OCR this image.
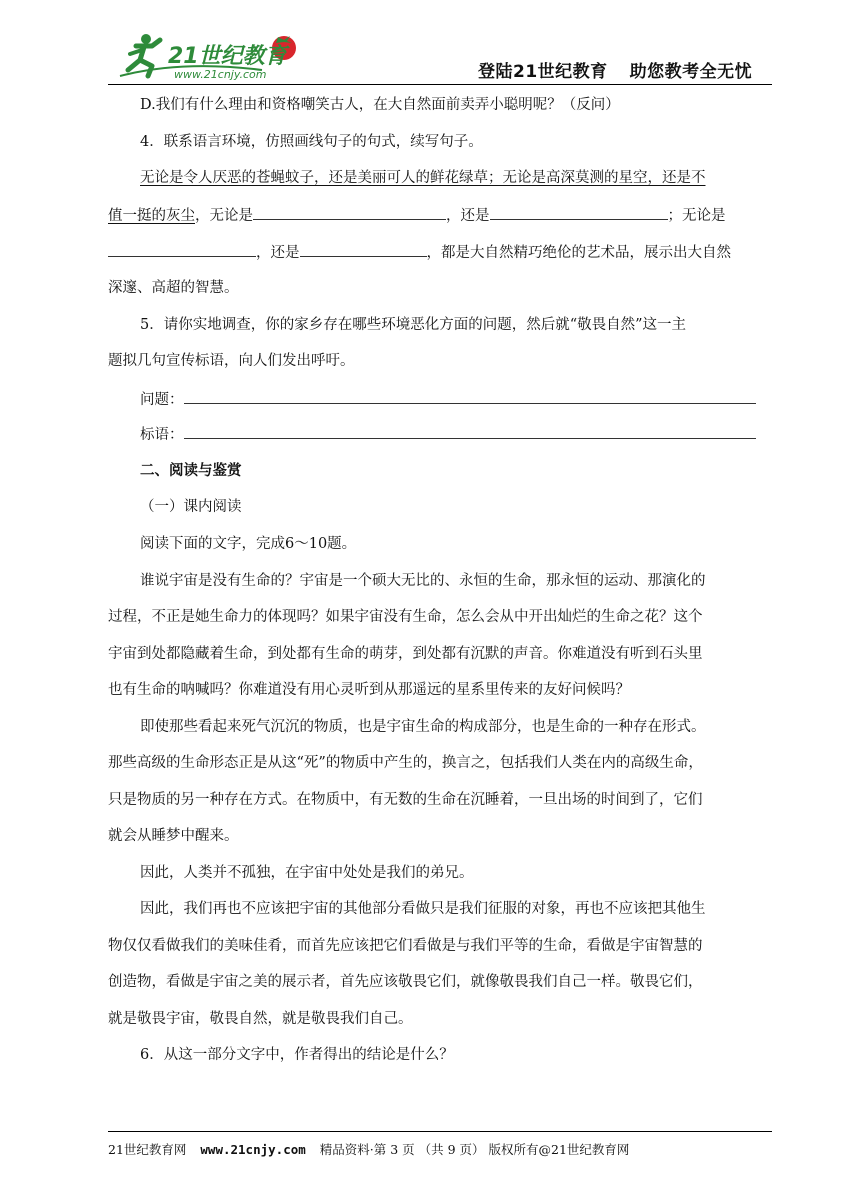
21世纪教育
www.21cnjy.com	登陆21世纪教育 助您教考全无忧
D.我们有什么理由和资格嘲笑古人，在大自然面前卖弄小聪明呢？（反问）
4．联系语言环境，仿照画线句子的句式，续写句子。
无论是令人厌恶的苍蝇蚊子，还是美丽可人的鲜花绿草；无论是高深莫测的星空，还是不
值一挺的灰尘，无论是	，还是	；无论是
，还是	，都是大自然精巧绝伦的艺术品，展示出大自然
深邃、高超的智慧。
5．请你实地调查，你的家乡存在哪些环境恶化方面的问题，然后就“敬畏自然”这一主
题拟几句宣传标语，向人们发出呼吁。
问题：
标语：
二、阅读与鉴赏
（一）课内阅读
阅读下面的文字，完成6～10题。
谁说宇宙是没有生命的？宇宙是一个硕大无比的、永恒的生命，那永恒的运动、那演化的
过程，不正是她生命力的体现吗？如果宇宙没有生命，怎么会从中开出灿烂的生命之花？这个
宇宙到处都隐藏着生命，到处都有生命的萌芽，到处都有沉默的声音。你难道没有听到石头里
也有生命的呐喊吗？你难道没有用心灵听到从那遥远的星系里传来的友好问候吗？
即使那些看起来死气沉沉的物质，也是宇宙生命的构成部分，也是生命的一种存在形式。
那些高级的生命形态正是从这“死”的物质中产生的，换言之，包括我们人类在内的高级生命，
只是物质的另一种存在方式。在物质中，有无数的生命在沉睡着，一旦出场的时间到了，它们
就会从睡梦中醒来。
因此，人类并不孤独，在宇宙中处处是我们的弟兄。
因此，我们再也不应该把宇宙的其他部分看做只是我们征服的对象，再也不应该把其他生
物仅仅看做我们的美味佳肴，而首先应该把它们看做是与我们平等的生命，看做是宇宙智慧的
创造物，看做是宇宙之美的展示者，首先应该敬畏它们，就像敬畏我们自己一样。敬畏它们，
就是敬畏宇宙，敬畏自然，就是敬畏我们自己。
6．从这一部分文字中，作者得出的结论是什么？
21世纪教育网 www.21cnjy.com 精品资料·第 3 页 （共 9 页） 版权所有@21世纪教育网
